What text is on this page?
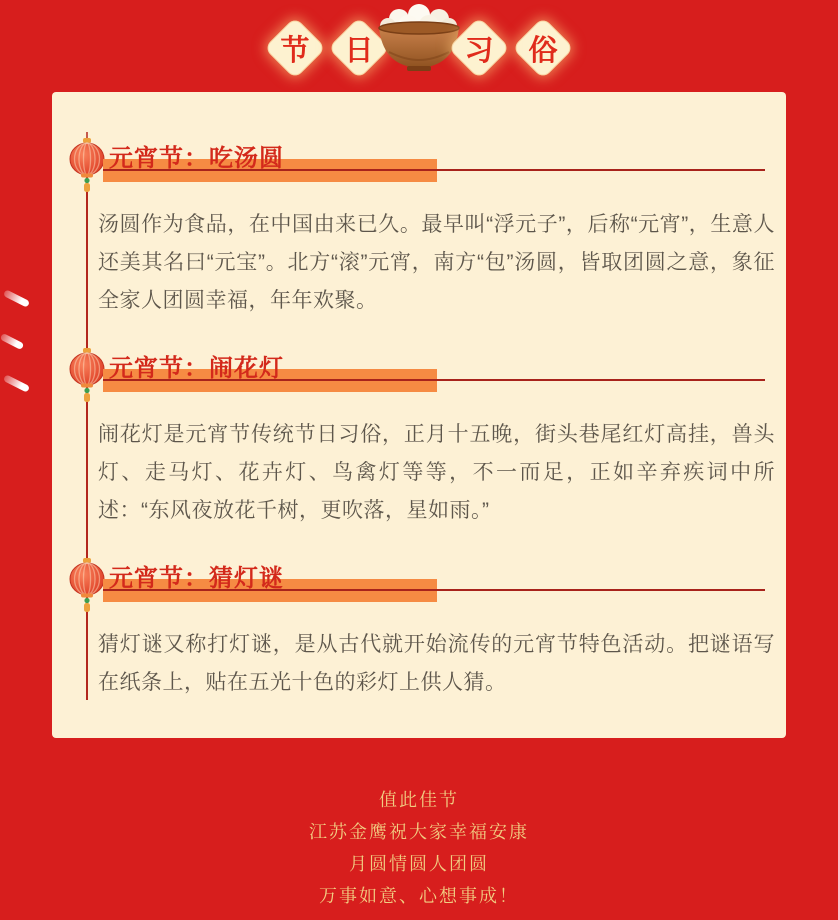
节	日	习	俗
元宵节：吃汤圆
汤圆作为食品，在中国由来已久。最早叫“浮元子”，后称“元宵”，生意人还美其名曰“元宝”。北方“滚”元宵，南方“包”汤圆，皆取团圆之意，象征全家人团圆幸福，年年欢聚。
元宵节：闹花灯
闹花灯是元宵节传统节日习俗，正月十五晚，街头巷尾红灯高挂，兽头灯、走马灯、花卉灯、鸟禽灯等等，不一而足，正如辛弃疾词中所述：“东风夜放花千树，更吹落，星如雨。”
元宵节：猜灯谜
猜灯谜又称打灯谜，是从古代就开始流传的元宵节特色活动。把谜语写在纸条上，贴在五光十色的彩灯上供人猜。
值此佳节
江苏金鹰祝大家幸福安康
月圆情圆人团圆
万事如意、心想事成！
